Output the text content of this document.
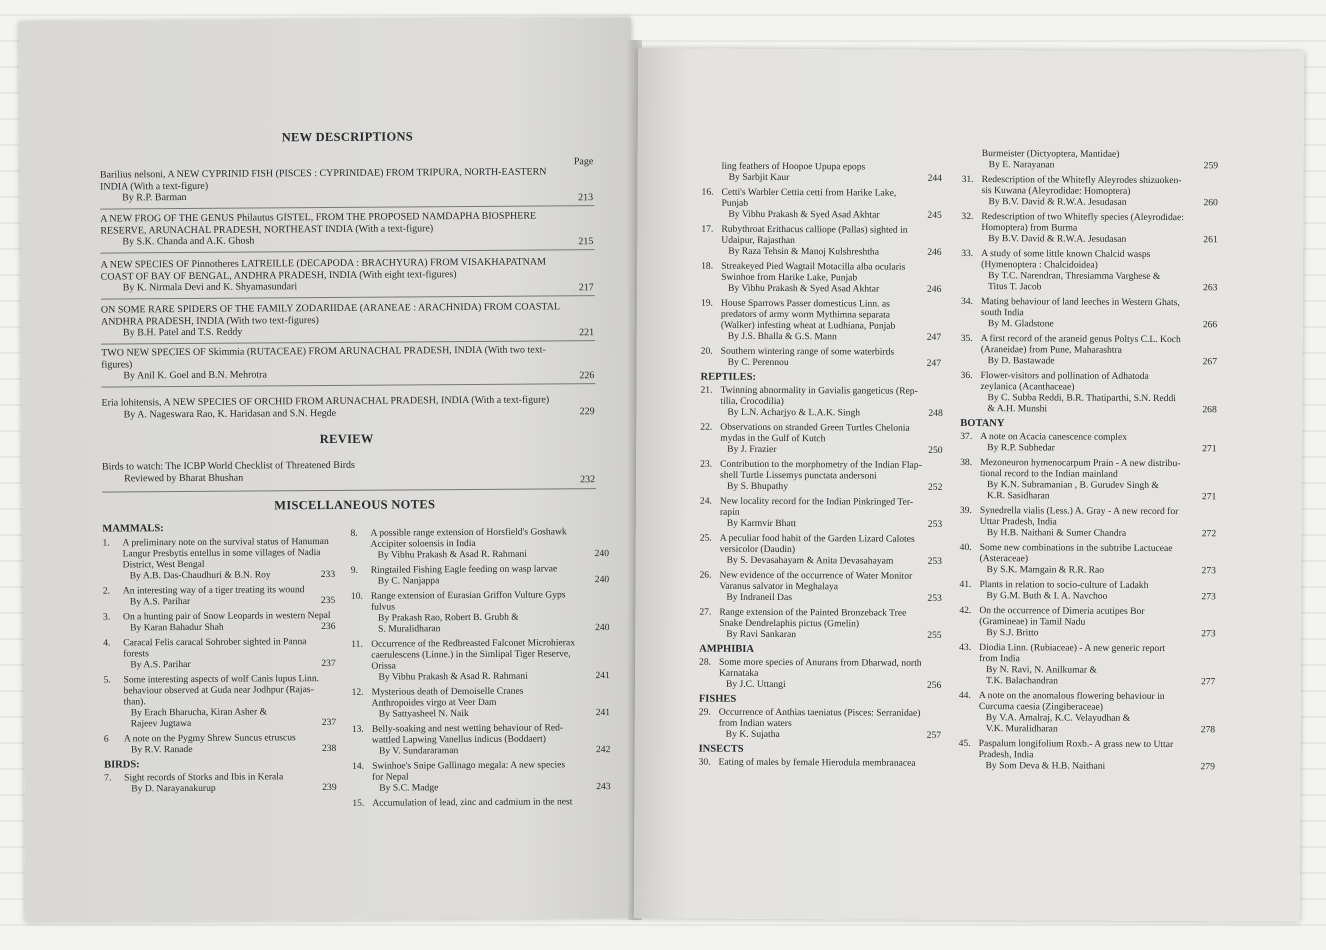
NEW DESCRIPTIONS
Page
Barilius nelsoni, A NEW CYPRINID FISH (PISCES : CYPRINIDAE) FROM TRIPURA, NORTH-EASTERN INDIA (With a text-figure)
By R.P. Barman	213
A NEW FROG OF THE GENUS Philautus GISTEL, FROM THE PROPOSED NAMDAPHA BIOSPHERE RESERVE, ARUNACHAL PRADESH, NORTHEAST INDIA (With a text-figure)
By S.K. Chanda and A.K. Ghosh	215
A NEW SPECIES OF Pinnotheres LATREILLE (DECAPODA : BRACHYURA) FROM VISAKHAPATNAM COAST OF BAY OF BENGAL, ANDHRA PRADESH, INDIA (With eight text-figures)
By K. Nirmala Devi and K. Shyamasundari	217
ON SOME RARE SPIDERS OF THE FAMILY ZODARIIDAE (ARANEAE : ARACHNIDA) FROM COASTAL ANDHRA PRADESH, INDIA (With two text-figures)
By B.H. Patel and T.S. Reddy	221
TWO NEW SPECIES OF Skimmia (RUTACEAE) FROM ARUNACHAL PRADESH, INDIA (With two text-figures)
By Anil K. Goel and B.N. Mehrotra	226
Eria lohitensis, A NEW SPECIES OF ORCHID FROM ARUNACHAL PRADESH, INDIA (With a text-figure)
By A. Nageswara Rao, K. Haridasan and S.N. Hegde	229
REVIEW
Birds to watch: The ICBP World Checklist of Threatened Birds
Reviewed by Bharat Bhushan	232
MISCELLANEOUS NOTES
MAMMALS:
1.	A preliminary note on the survival status of Hanuman
Langur Presbytis entellus in some villages of Nadia
District, West Bengal
By A.B. Das-Chaudhuri & B.N. Roy	233
2.	An interesting way of a tiger treating its wound
By A.S. Parihar	235
3.	On a hunting pair of Snow Leopards in western Nepal
By Karan Bahadur Shah	236
4.	Caracal Felis caracal Sohrober sighted in Panna
forests
By A.S. Parihar	237
5.	Some interesting aspects of wolf Canis lupus Linn.
behaviour observed at Guda near Jodhpur (Rajas-
than).
By Erach Bharucha, Kiran Asher &
Rajeev Jugtawa	237
6	A note on the Pygmy Shrew Suncus etruscus
By R.V. Ranade	238
BIRDS:
7.	Sight records of Storks and Ibis in Kerala
By D. Narayanakurup	239
8.	A possible range extension of Horsfield's Goshawk
Accipiter soloensis in India
By Vibhu Prakash & Asad R. Rahmani	240
9.	Ringtailed Fishing Eagle feeding on wasp larvae
By C. Nanjappa	240
10. Range extension of Eurasian Griffon Vulture Gyps
fulvus
By Prakash Rao, Robert B. Grubh &
S. Muralidharan	240
11. Occurrence of the Redbreasted Falconet Microhierax
caerulescens (Linne.) in the Simlipal Tiger Reserve,
Orissa
By Vibhu Prakash & Asad R. Rahmani	241
12. Mysterious death of Demoiselle Cranes
Anthropoides virgo at Veer Dam
By Sattyasheel N. Naik	241
13. Belly-soaking and nest wetting behaviour of Red-
wattled Lapwing Vanellus indicus (Boddaert)
By V. Sundararaman	242
14. Swinhoe's Snipe Gallinago megala: A new species
for Nepal
By S.C. Madge	243
15. Accumulation of lead, zinc and cadmium in the nest
ling feathers of Hoopoe Upupa epops
By Sarbjit Kaur	244
16. Cetti's Warbler Cettia cetti from Harike Lake,
Punjab
By Vibhu Prakash & Syed Asad Akhtar	245
17. Rubythroat Erithacus calliope (Pallas) sighted in
Udaipur, Rajasthan
By Raza Tehsin & Manoj Kulshreshtha	246
18. Streakeyed Pied Wagtail Motacilla alba ocularis
Swinhoe from Harike Lake, Punjab
By Vibhu Prakash & Syed Asad Akhtar	246
19. House Sparrows Passer domesticus Linn. as
predators of army worm Mythimna separata
(Walker) infesting wheat at Ludhiana, Punjab
By J.S. Bhalla & G.S. Mann	247
20. Southern wintering range of some waterbirds
By C. Perennou	247
REPTILES:
21. Twinning abnormality in Gavialis gangeticus (Rep-
tilia, Crocodilia)
By L.N. Acharjyo & L.A.K. Singh	248
22. Observations on stranded Green Turtles Chelonia
mydas in the Gulf of Kutch
By J. Frazier	250
23. Contribution to the morphometry of the Indian Flap-
shell Turtle Lissemys punctata andersoni
By S. Bhupathy	252
24. New locality record for the Indian Pinkringed Ter-
rapin
By Karmvir Bhatt	253
25. A peculiar food habit of the Garden Lizard Calotes
versicolor (Daudin)
By S. Devasahayam & Anita Devasahayam	253
26. New evidence of the occurrence of Water Monitor
Varanus salvator in Meghalaya
By Indraneil Das	253
27. Range extension of the Painted Bronzeback Tree
Snake Dendrelaphis pictus (Gmelin)
By Ravi Sankaran	255
AMPHIBIA
28. Some more species of Anurans from Dharwad, north
Karnataka
By J.C. Uttangi	256
FISHES
29. Occurrence of Anthias taeniatus (Pisces: Serranidae)
from Indian waters
By K. Sujatha	257
INSECTS
30. Eating of males by female Hierodula membranacea
Burmeister (Dictyoptera, Mantidae)
By E. Narayanan	259
31. Redescription of the Whitefly Aleyrodes shizuoken-
sis Kuwana (Aleyrodidae: Homoptera)
By B.V. David & R.W.A. Jesudasan	260
32. Redescription of two Whitefly species (Aleyrodidae:
Homoptera) from Burma
By B.V. David & R.W.A. Jesudasan	261
33. A study of some little known Chalcid wasps
(Hymenoptera : Chalcidoidea)
By T.C. Narendran, Thresiamma Varghese &
Titus T. Jacob	263
34. Mating behaviour of land leeches in Western Ghats,
south India
By M. Gladstone	266
35. A first record of the araneid genus Poltys C.L. Koch
(Araneidae) from Pune, Maharashtra
By D. Bastawade	267
36. Flower-visitors and pollination of Adhatoda
zeylanica (Acanthaceae)
By C. Subba Reddi, B.R. Thatiparthi, S.N. Reddi
& A.H. Munshi	268
BOTANY
37. A note on Acacia canescence complex
By R.P. Subhedar	271
38. Mezoneuron hymenocarpum Prain - A new distribu-
tional record to the Indian mainland
By K.N. Subramanian , B. Gurudev Singh &
K.R. Sasidharan	271
39. Synedrella vialis (Less.) A. Gray - A new record for
Uttar Pradesh, India
By H.B. Naithani & Sumer Chandra	272
40. Some new combinations in the subtribe Lactuceae
(Asteraceae)
By S.K. Mamgain & R.R. Rao	273
41. Plants in relation to socio-culture of Ladakh
By G.M. Buth & I. A. Navchoo	273
42. On the occurrence of Dimeria acutipes Bor
(Gramineae) in Tamil Nadu
By S.J. Britto	273
43. Diodia Linn. (Rubiaceae) - A new generic report
from India
By N. Ravi, N. Anilkumar &
T.K. Balachandran	277
44. A note on the anomalous flowering behaviour in
Curcuma caesia (Zingiberaceae)
By V.A. Amalraj, K.C. Velayudhan &
V.K. Muralidharan	278
45. Paspalum longifolium Roxb.- A grass new to Uttar
Pradesh, India
By Som Deva & H.B. Naithani	279
